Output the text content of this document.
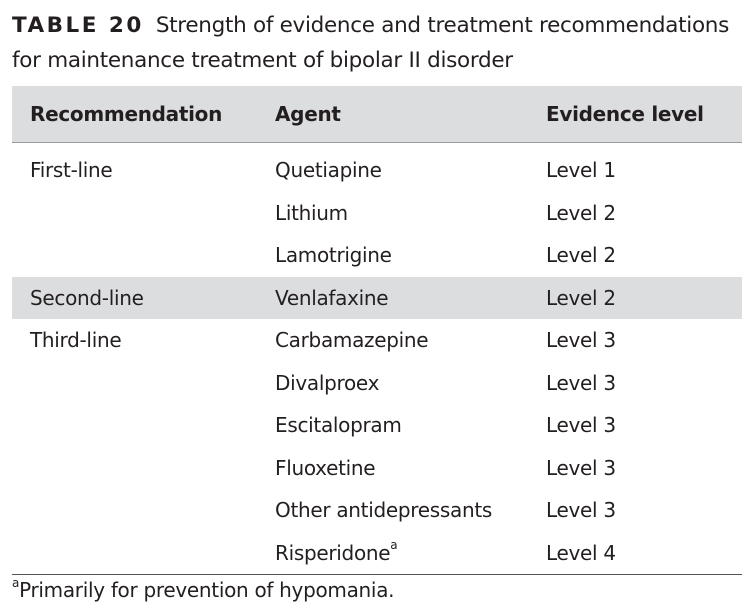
TABLE 20 Strength of evidence and treatment recommendations
for maintenance treatment of bipolar II disorder
Recommendation	Agent	Evidence level
First-line	Quetiapine	Level 1
	Lithium	Level 2
	Lamotrigine	Level 2
Second-line	Venlafaxine	Level 2
Third-line	Carbamazepine	Level 3
	Divalproex	Level 3
	Escitalopram	Level 3
	Fluoxetine	Level 3
	Other antidepressants	Level 3
	Risperidone$^a$	Level 4
$^a$Primarily for prevention of hypomania.
